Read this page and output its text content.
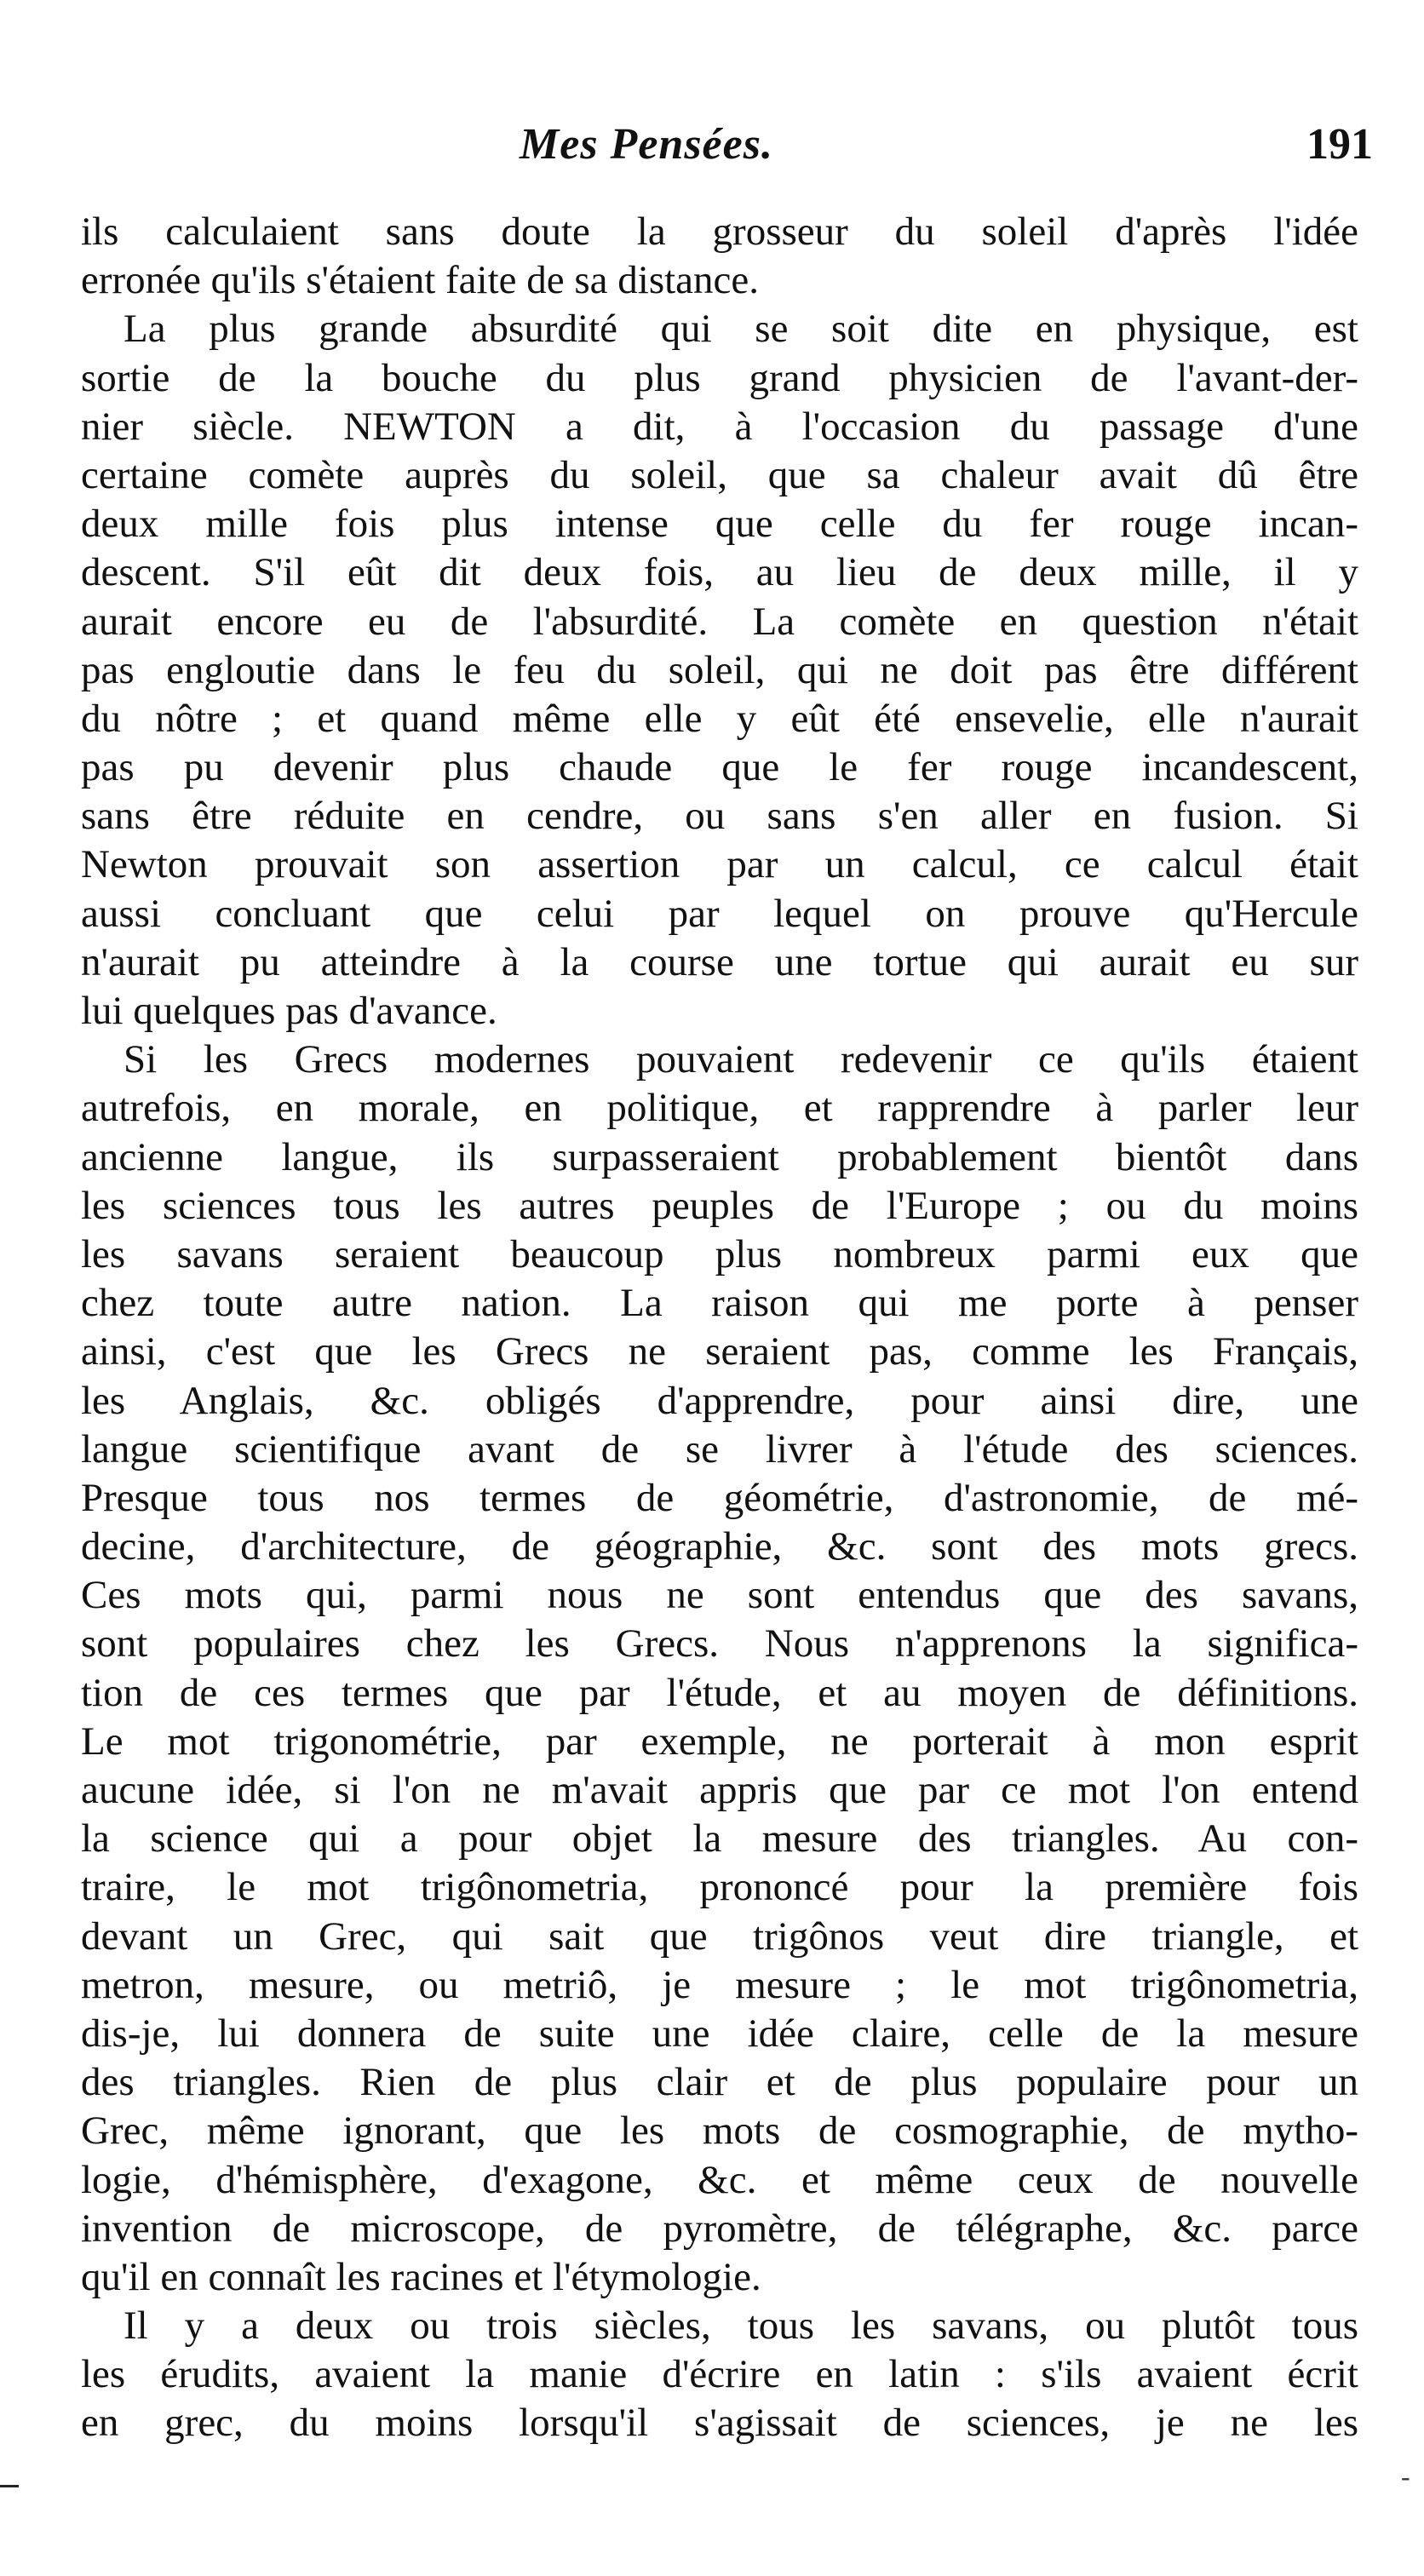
Mes Pensées.	191
ils calculaient sans doute la grosseur du soleil d'après l'idée
erronée qu'ils s'étaient faite de sa distance.
La plus grande absurdité qui se soit dite en physique, est
sortie de la bouche du plus grand physicien de l'avant-der-
nier siècle. NEWTON a dit, à l'occasion du passage d'une
certaine comète auprès du soleil, que sa chaleur avait dû être
deux mille fois plus intense que celle du fer rouge incan-
descent. S'il eût dit deux fois, au lieu de deux mille, il y
aurait encore eu de l'absurdité. La comète en question n'était
pas engloutie dans le feu du soleil, qui ne doit pas être différent
du nôtre ; et quand même elle y eût été ensevelie, elle n'aurait
pas pu devenir plus chaude que le fer rouge incandescent,
sans être réduite en cendre, ou sans s'en aller en fusion. Si
Newton prouvait son assertion par un calcul, ce calcul était
aussi concluant que celui par lequel on prouve qu'Hercule
n'aurait pu atteindre à la course une tortue qui aurait eu sur
lui quelques pas d'avance.
Si les Grecs modernes pouvaient redevenir ce qu'ils étaient
autrefois, en morale, en politique, et rapprendre à parler leur
ancienne langue, ils surpasseraient probablement bientôt dans
les sciences tous les autres peuples de l'Europe ; ou du moins
les savans seraient beaucoup plus nombreux parmi eux que
chez toute autre nation. La raison qui me porte à penser
ainsi, c'est que les Grecs ne seraient pas, comme les Français,
les Anglais, &c. obligés d'apprendre, pour ainsi dire, une
langue scientifique avant de se livrer à l'étude des sciences.
Presque tous nos termes de géométrie, d'astronomie, de mé-
decine, d'architecture, de géographie, &c. sont des mots grecs.
Ces mots qui, parmi nous ne sont entendus que des savans,
sont populaires chez les Grecs. Nous n'apprenons la significa-
tion de ces termes que par l'étude, et au moyen de définitions.
Le mot trigonométrie, par exemple, ne porterait à mon esprit
aucune idée, si l'on ne m'avait appris que par ce mot l'on entend
la science qui a pour objet la mesure des triangles. Au con-
traire, le mot trigônometria, prononcé pour la première fois
devant un Grec, qui sait que trigônos veut dire triangle, et
metron, mesure, ou metriô, je mesure ; le mot trigônometria,
dis-je, lui donnera de suite une idée claire, celle de la mesure
des triangles. Rien de plus clair et de plus populaire pour un
Grec, même ignorant, que les mots de cosmographie, de mytho-
logie, d'hémisphère, d'exagone, &c. et même ceux de nouvelle
invention de microscope, de pyromètre, de télégraphe, &c. parce
qu'il en connaît les racines et l'étymologie.
Il y a deux ou trois siècles, tous les savans, ou plutôt tous
les érudits, avaient la manie d'écrire en latin : s'ils avaient écrit
en grec, du moins lorsqu'il s'agissait de sciences, je ne les
-
